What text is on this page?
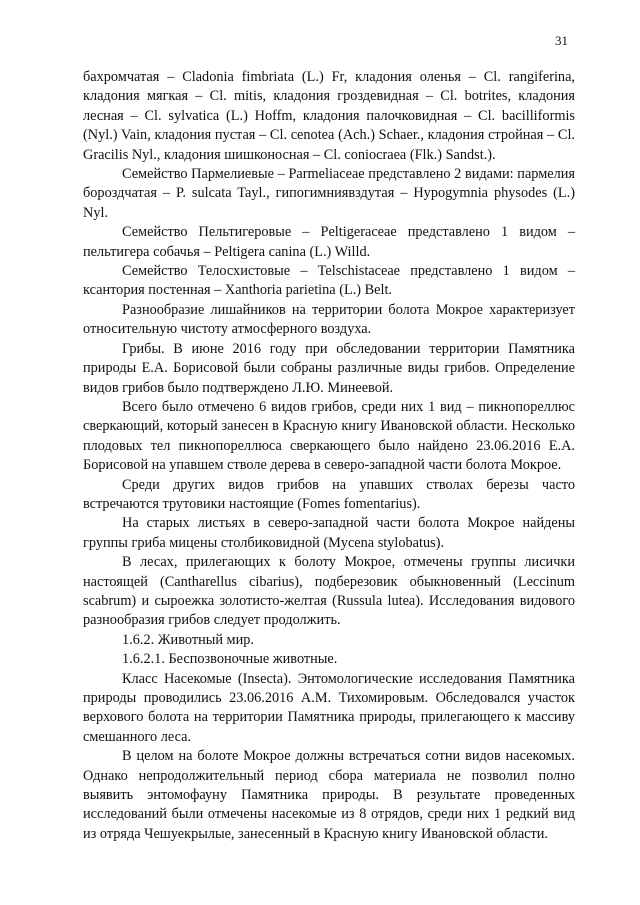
31

бахромчатая – Cladonia fimbriata (L.) Fr, кладония оленья – Cl. rangiferina, кладония мягкая – Cl. mitis, кладония гроздевидная – Cl. botrites, кладония лесная – Cl. sylvatica (L.) Hoffm, кладония палочковидная – Cl. bacilliformis (Nyl.) Vain, кладония пустая – Cl. cenotea (Ach.) Schaer., кладония стройная – Cl. Gracilis Nyl., кладония шишконосная – Cl. coniocraea (Flk.) Sandst.).

Семейство Пармелиевые – Parmeliaceae представлено 2 видами: пармелия бороздчатая – P. sulcata Tayl., гипогимниявздутая – Hypogymnia physodes (L.) Nyl.

Семейство Пельтигеровые – Peltigeraceae представлено 1 видом – пельтигера собачья – Peltigera canina (L.) Willd.

Семейство Телосхистовые – Telschistaceae представлено 1 видом – ксантория постенная – Xanthoria parietina (L.) Belt.

Разнообразие лишайников на территории болота Мокрое характеризует относительную чистоту атмосферного воздуха.

Грибы. В июне 2016 году при обследовании территории Памятника природы Е.А. Борисовой были собраны различные виды грибов. Определение видов грибов было подтверждено Л.Ю. Минеевой.

Всего было отмечено 6 видов грибов, среди них 1 вид – пикнопореллюс сверкающий, который занесен в Красную книгу Ивановской области. Несколько плодовых тел пикнопореллюса сверкающего было найдено 23.06.2016 Е.А. Борисовой на упавшем стволе дерева в северо-западной части болота Мокрое.

Среди других видов грибов на упавших стволах березы часто встречаются трутовики настоящие (Fomes fomentarius).

На старых листьях в северо-западной части болота Мокрое найдены группы гриба мицены столбиковидной (Mycena stylobatus).

В лесах, прилегающих к болоту Мокрое, отмечены группы лисички настоящей (Cantharellus cibarius), подберезовик обыкновенный (Leccinum scabrum) и сыроежка золотисто-желтая (Russula lutea). Исследования видового разнообразия грибов следует продолжить.

1.6.2. Животный мир.

1.6.2.1. Беспозвоночные животные.

Класс Насекомые (Insecta). Энтомологические исследования Памятника природы проводились 23.06.2016 А.М. Тихомировым. Обследовался участок верхового болота на территории Памятника природы, прилегающего к массиву смешанного леса.

В целом на болоте Мокрое должны встречаться сотни видов насекомых. Однако непродолжительный период сбора материала не позволил полно выявить энтомофауну Памятника природы. В результате проведенных исследований были отмечены насекомые из 8 отрядов, среди них 1 редкий вид из отряда Чешуекрылые, занесенный в Красную книгу Ивановской области.
